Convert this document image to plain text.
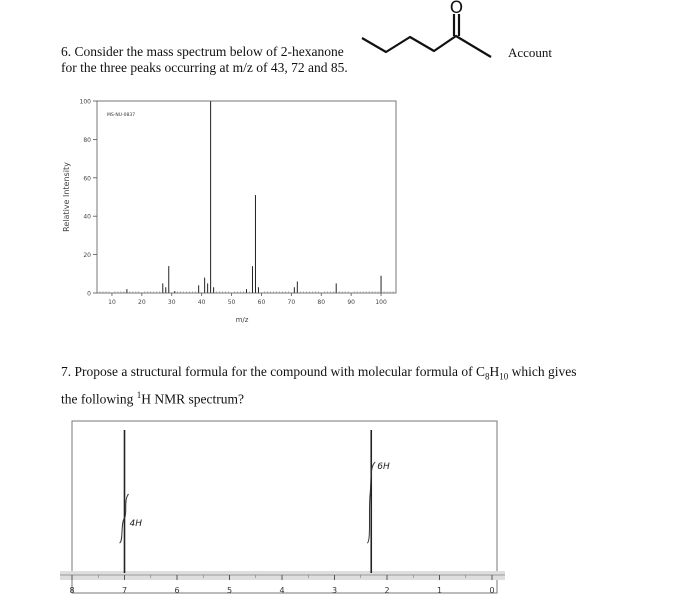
O
Account
6. Consider the mass spectrum below of 2-hexanone
for the three peaks occurring at m/z of 43, 72 and 85.
0
20
40
60
80
100
10	20	30	40	50	60	70	80	90	100
MS-NU-0837
Relative Intensity
m/z
7. Propose a structural formula for the compound with molecular formula of $C_8H_{10}$ which gives
the following $^1$H NMR spectrum?
8	7	6	5	4	3	2	1	0
4H
6H
